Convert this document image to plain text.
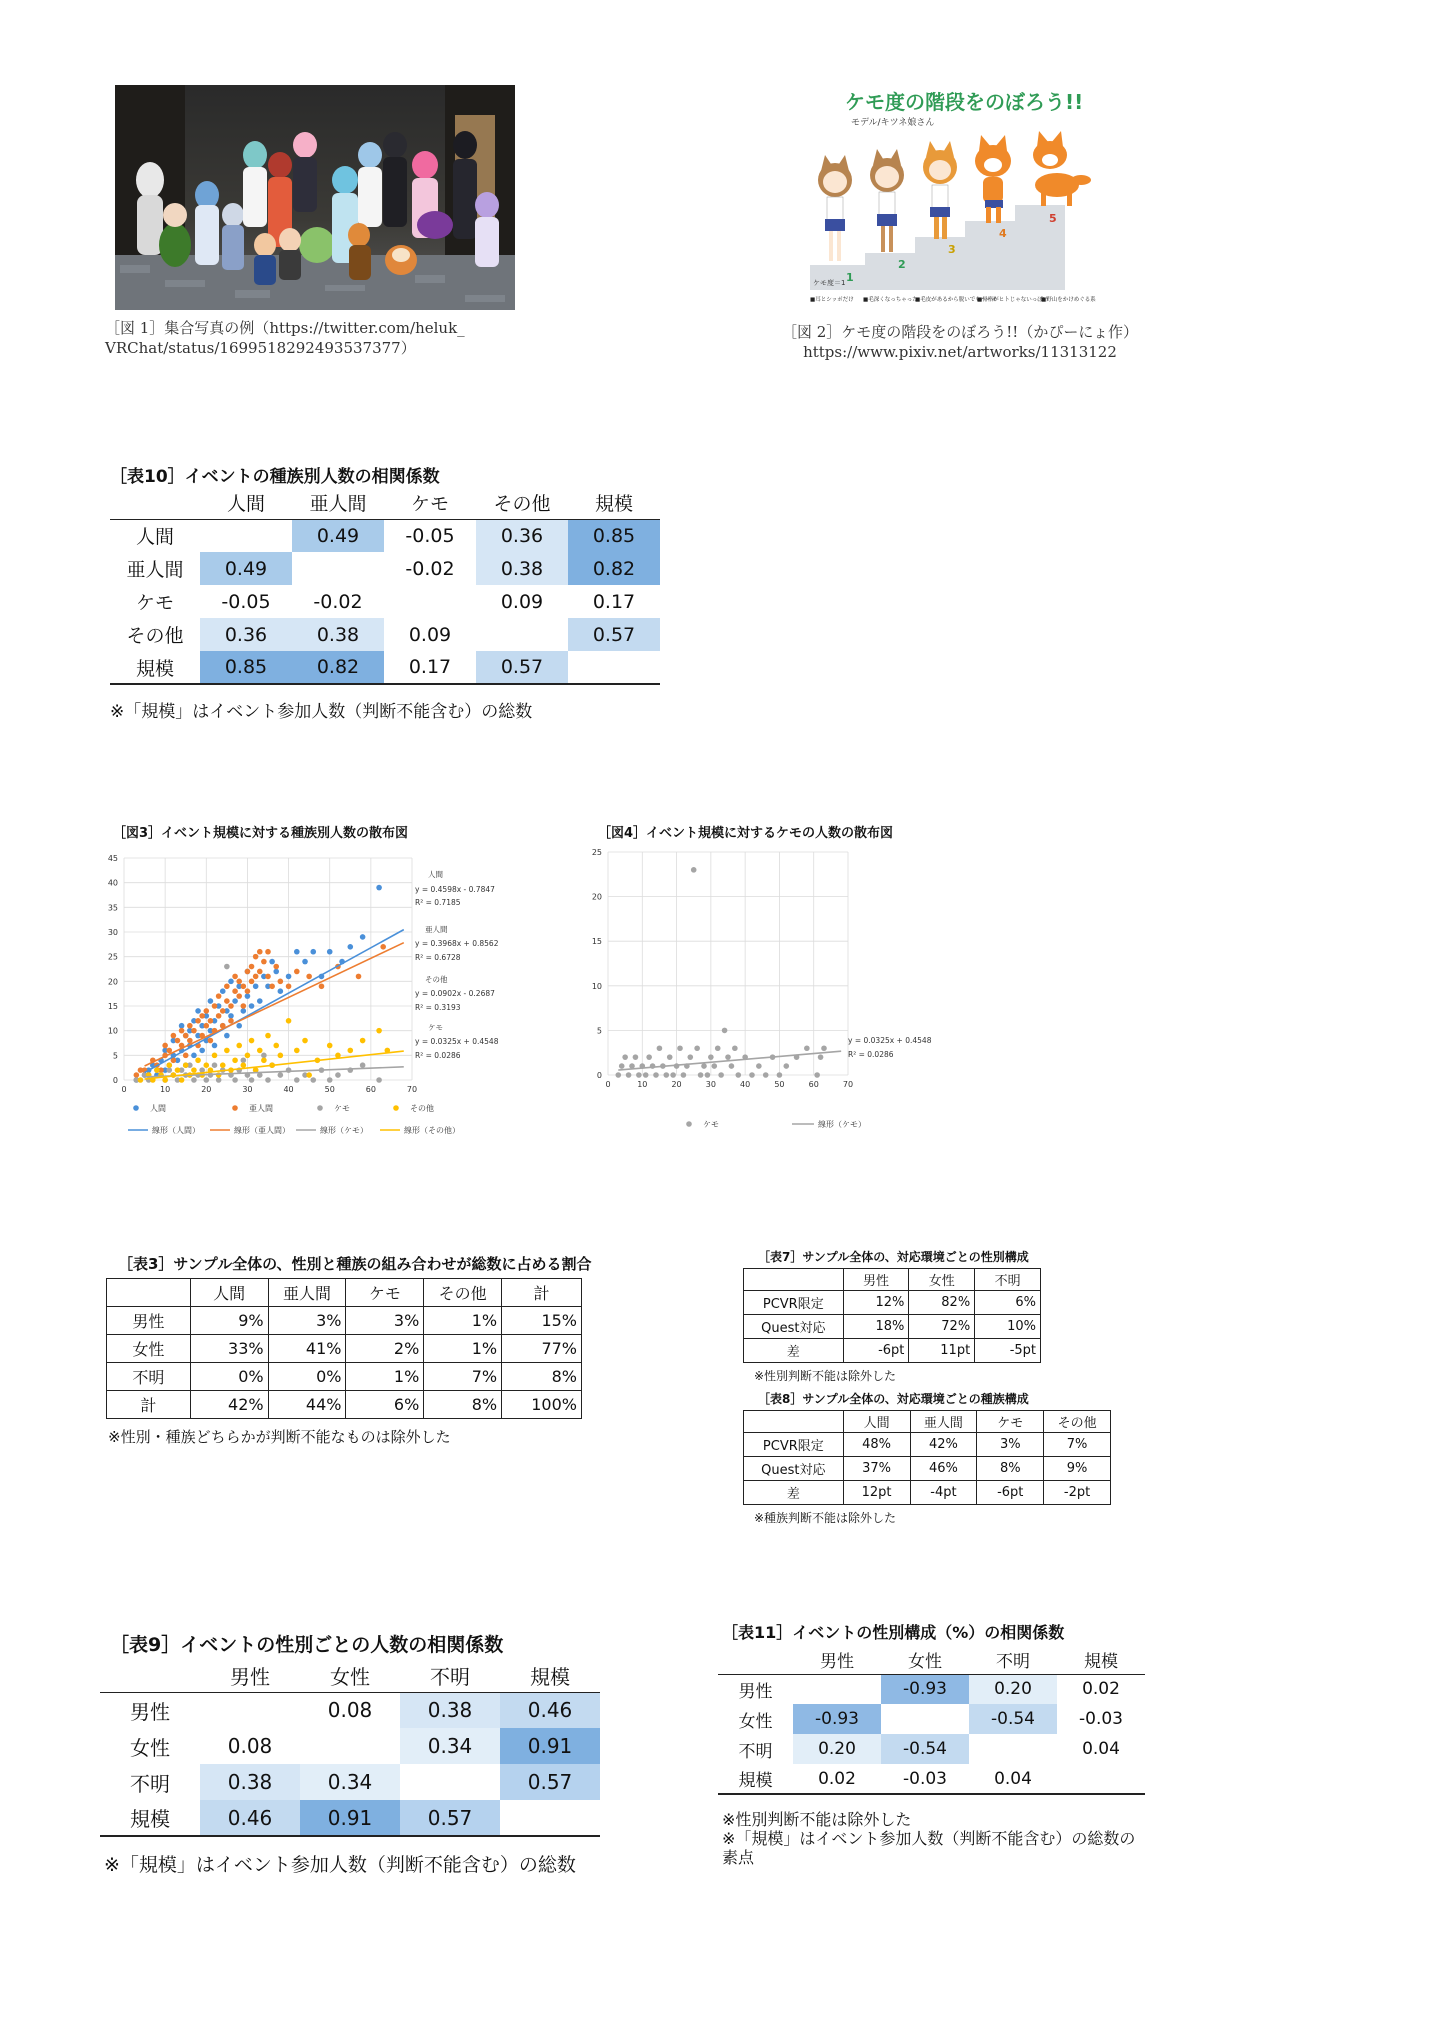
［図 1］集合写真の例（https://twitter.com/heluk_
VRChat/status/1699518292493537377）
ケモ度の階段をのぼろう!!
モデル/キツネ娘さん
1
2
3
4
5
ケモ度＝1
■耳とシッポだけ ■毛深くなっちゃった
■毛皮があるから脱いでもヘーキ
■骨格がヒトじゃないっぽい
■野山をかけめぐる系
［図 2］ケモ度の階段をのぼろう!!（かぴーにょ作）
https://www.pixiv.net/artworks/11313122
［表10］イベントの種族別人数の相関係数
	人間	亜人間	ケモ	その他	規模
人間		0.49	-0.05	0.36	0.85
亜人間	0.49		-0.02	0.38	0.82
ケモ	-0.05	-0.02		0.09	0.17
その他	0.36	0.38	0.09		0.57
規模	0.85	0.82	0.17	0.57	
※「規模」はイベント参加人数（判断不能含む）の総数
［図3］イベント規模に対する種族別人数の散布図
0
5
10
15
20
25
30
35
40
45
0	10	20	30	40	50	60	70
人間
y = 0.4598x - 0.7847
R² = 0.7185
亜人間
y = 0.3968x + 0.8562
R² = 0.6728
その他
y = 0.0902x - 0.2687
R² = 0.3193
ケモ
y = 0.0325x + 0.4548
R² = 0.0286
人間	亜人間	ケモ	その他
線形（人間）	線形（亜人間）	線形（ケモ）	線形（その他）
［図4］イベント規模に対するケモの人数の散布図
0
5
10
15
20
25
0	10	20	30	40	50	60	70
y = 0.0325x + 0.4548
R² = 0.0286
ケモ	線形（ケモ）
［表3］サンプル全体の、性別と種族の組み合わせが総数に占める割合
	人間	亜人間	ケモ	その他	計
男性	9%	3%	3%	1%	15%
女性	33%	41%	2%	1%	77%
不明	0%	0%	1%	7%	8%
計	42%	44%	6%	8%	100%
※性別・種族どちらかが判断不能なものは除外した
［表7］サンプル全体の、対応環境ごとの性別構成
	男性	女性	不明
PCVR限定	12%	82%	6%
Quest対応	18%	72%	10%
差	-6pt	11pt	-5pt
※性別判断不能は除外した
［表8］サンプル全体の、対応環境ごとの種族構成
	人間	亜人間	ケモ	その他
PCVR限定	48%	42%	3%	7%
Quest対応	37%	46%	8%	9%
差	12pt	-4pt	-6pt	-2pt
※種族判断不能は除外した
［表9］イベントの性別ごとの人数の相関係数
	男性	女性	不明	規模
男性		0.08	0.38	0.46
女性	0.08		0.34	0.91
不明	0.38	0.34		0.57
規模	0.46	0.91	0.57	
※「規模」はイベント参加人数（判断不能含む）の総数
［表11］イベントの性別構成（%）の相関係数
	男性	女性	不明	規模
男性		-0.93	0.20	0.02
女性	-0.93		-0.54	-0.03
不明	0.20	-0.54		0.04
規模	0.02	-0.03	0.04	
※性別判断不能は除外した
※「規模」はイベント参加人数（判断不能含む）の総数の
素点
